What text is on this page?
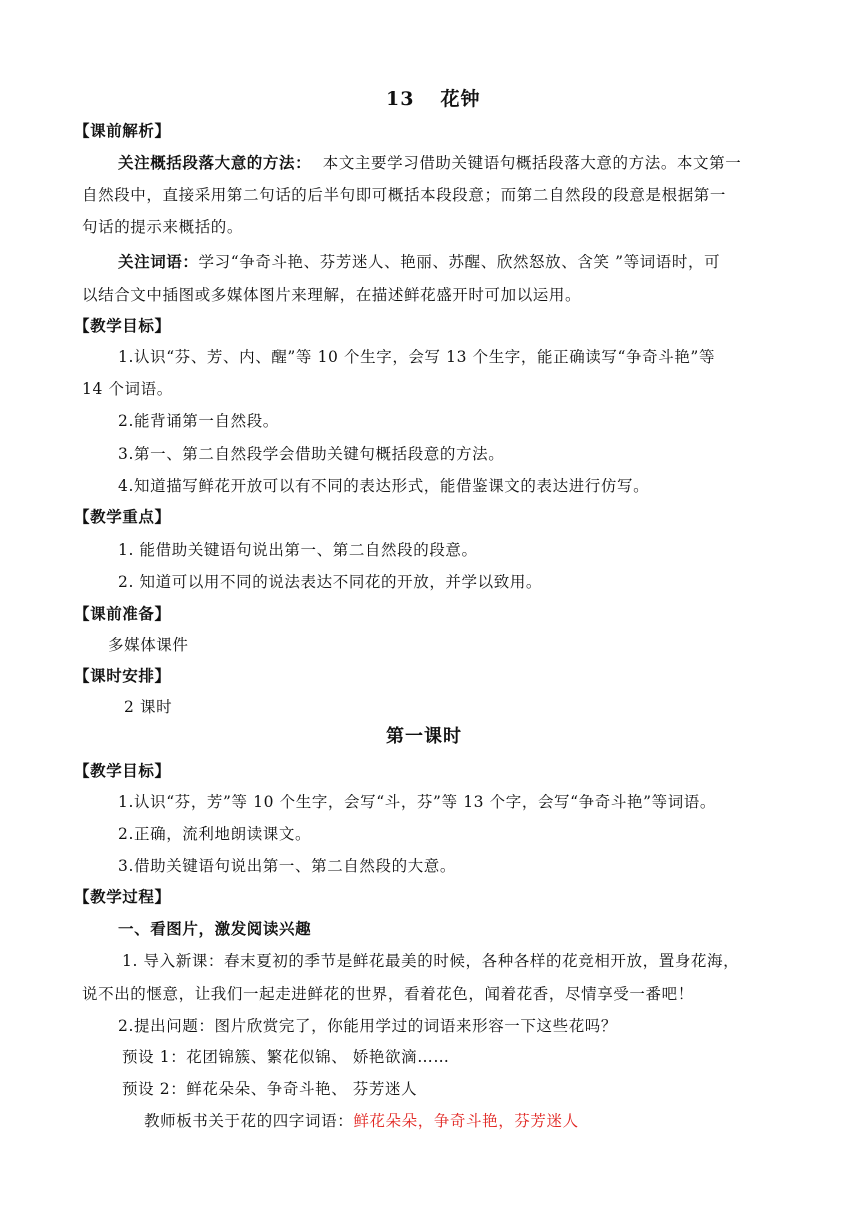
13 花钟
【课前解析】
关注概括段落大意的方法： 本文主要学习借助关键语句概括段落大意的方法。本文第一
自然段中，直接采用第二句话的后半句即可概括本段段意；而第二自然段的段意是根据第一
句话的提示来概括的。
关注词语：学习“争奇斗艳、芬芳迷人、艳丽、苏醒、欣然怒放、含笑 ”等词语时，可
以结合文中插图或多媒体图片来理解，在描述鲜花盛开时可加以运用。
【教学目标】
1.认识“芬、芳、内、醒”等 10 个生字，会写 13 个生字，能正确读写“争奇斗艳”等
14 个词语。
2.能背诵第一自然段。
3.第一、第二自然段学会借助关键句概括段意的方法。
4.知道描写鲜花开放可以有不同的表达形式，能借鉴课文的表达进行仿写。
【教学重点】
1. 能借助关键语句说出第一、第二自然段的段意。
2. 知道可以用不同的说法表达不同花的开放，并学以致用。
【课前准备】
多媒体课件
【课时安排】
2 课时
第一课时
【教学目标】
1.认识“芬，芳”等 10 个生字，会写“斗，芬”等 13 个字，会写“争奇斗艳”等词语。
2.正确，流利地朗读课文。
3.借助关键语句说出第一、第二自然段的大意。
【教学过程】
一、看图片，激发阅读兴趣
1. 导入新课：春末夏初的季节是鲜花最美的时候，各种各样的花竞相开放，置身花海，
说不出的惬意，让我们一起走进鲜花的世界，看着花色，闻着花香，尽情享受一番吧！
2.提出问题：图片欣赏完了，你能用学过的词语来形容一下这些花吗？
预设 1：花团锦簇、繁花似锦、 娇艳欲滴……
预设 2：鲜花朵朵、争奇斗艳、 芬芳迷人
教师板书关于花的四字词语：鲜花朵朵，争奇斗艳，芬芳迷人
